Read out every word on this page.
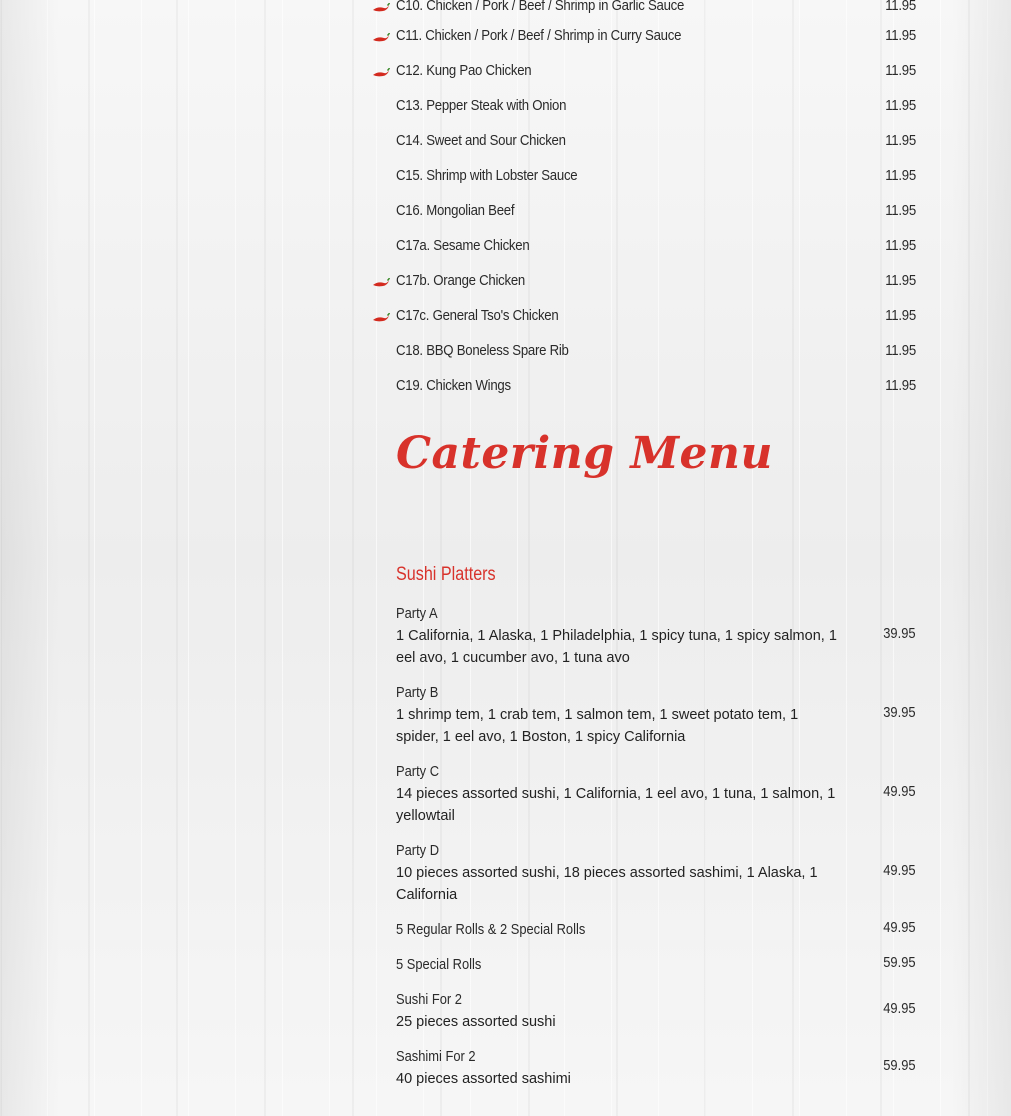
C10. Chicken / Pork / Beef / Shrimp in Garlic Sauce	11.95
C11. Chicken / Pork / Beef / Shrimp in Curry Sauce	11.95
C12. Kung Pao Chicken	11.95
C13. Pepper Steak with Onion	11.95
C14. Sweet and Sour Chicken	11.95
C15. Shrimp with Lobster Sauce	11.95
C16. Mongolian Beef	11.95
C17a. Sesame Chicken	11.95
C17b. Orange Chicken	11.95
C17c. General Tso's Chicken	11.95
C18. BBQ Boneless Spare Rib	11.95
C19. Chicken Wings	11.95
Catering Menu
Sushi Platters
Party A
1 California, 1 Alaska, 1 Philadelphia, 1 spicy tuna, 1 spicy salmon, 1 eel avo, 1 cucumber avo, 1 tuna avo
39.95
Party B
1 shrimp tem, 1 crab tem, 1 salmon tem, 1 sweet potato tem, 1 spider, 1 eel avo, 1 Boston, 1 spicy California
39.95
Party C
14 pieces assorted sushi, 1 California, 1 eel avo, 1 tuna, 1 salmon, 1 yellowtail
49.95
Party D
10 pieces assorted sushi, 18 pieces assorted sashimi, 1 Alaska, 1 California
49.95
5 Regular Rolls & 2 Special Rolls	49.95
5 Special Rolls	59.95
Sushi For 2
25 pieces assorted sushi
49.95
Sashimi For 2
40 pieces assorted sashimi
59.95
